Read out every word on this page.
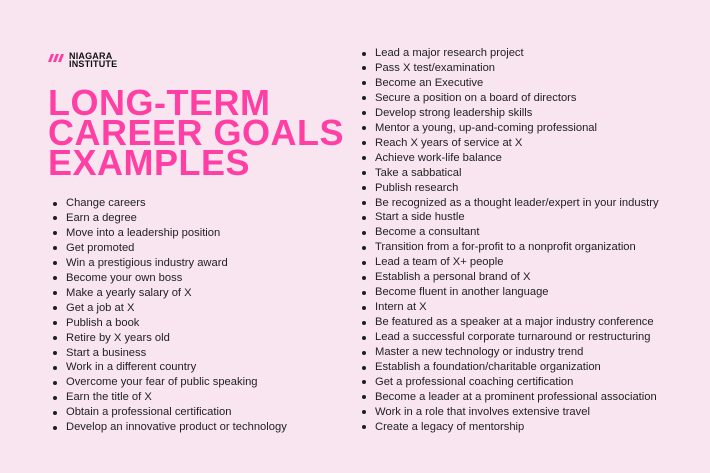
NIAGARA
INSTITUTE
LONG-TERM
CAREER GOALS
EXAMPLES
Change careers
Earn a degree
Move into a leadership position
Get promoted
Win a prestigious industry award
Become your own boss
Make a yearly salary of X
Get a job at X
Publish a book
Retire by X years old
Start a business
Work in a different country
Overcome your fear of public speaking
Earn the title of X
Obtain a professional certification
Develop an innovative product or technology
Lead a major research project
Pass X test/examination
Become an Executive
Secure a position on a board of directors
Develop strong leadership skills
Mentor a young, up-and-coming professional
Reach X years of service at X
Achieve work-life balance
Take a sabbatical
Publish research
Be recognized as a thought leader/expert in your industry
Start a side hustle
Become a consultant
Transition from a for-profit to a nonprofit organization
Lead a team of X+ people
Establish a personal brand of X
Become fluent in another language
Intern at X
Be featured as a speaker at a major industry conference
Lead a successful corporate turnaround or restructuring
Master a new technology or industry trend
Establish a foundation/charitable organization
Get a professional coaching certification
Become a leader at a prominent professional association
Work in a role that involves extensive travel
Create a legacy of mentorship
